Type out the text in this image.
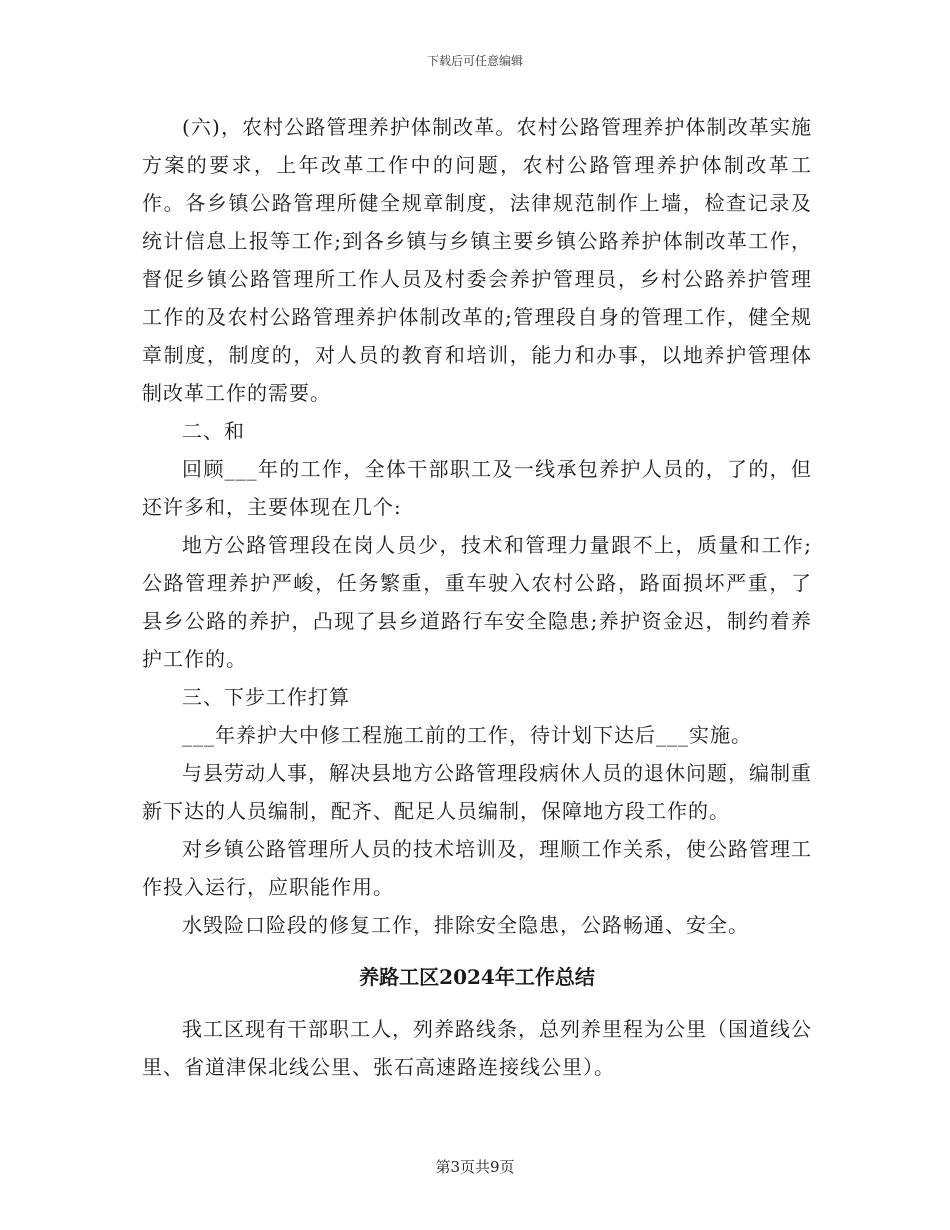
下载后可任意编辑

(六)，农村公路管理养护体制改革。农村公路管理养护体制改革实施方案的要求，上年改革工作中的问题，农村公路管理养护体制改革工作。各乡镇公路管理所健全规章制度，法律规范制作上墙，检查记录及统计信息上报等工作;到各乡镇与乡镇主要乡镇公路养护体制改革工作，督促乡镇公路管理所工作人员及村委会养护管理员，乡村公路养护管理工作的及农村公路管理养护体制改革的;管理段自身的管理工作，健全规章制度，制度的，对人员的教育和培训，能力和办事，以地养护管理体制改革工作的需要。

二、和

回顾___年的工作，全体干部职工及一线承包养护人员的，了的，但还许多和，主要体现在几个:

地方公路管理段在岗人员少，技术和管理力量跟不上，质量和工作;公路管理养护严峻，任务繁重，重车驶入农村公路，路面损坏严重，了县乡公路的养护，凸现了县乡道路行车安全隐患;养护资金迟，制约着养护工作的。

三、下步工作打算

___年养护大中修工程施工前的工作，待计划下达后___实施。

与县劳动人事，解决县地方公路管理段病休人员的退休问题，编制重新下达的人员编制，配齐、配足人员编制，保障地方段工作的。

对乡镇公路管理所人员的技术培训及，理顺工作关系，使公路管理工作投入运行，应职能作用。

水毁险口险段的修复工作，排除安全隐患，公路畅通、安全。

养路工区2024年工作总结

我工区现有干部职工人，列养路线条，总列养里程为公里（国道线公里、省道津保北线公里、张石高速路连接线公里）。

第3页共9页
